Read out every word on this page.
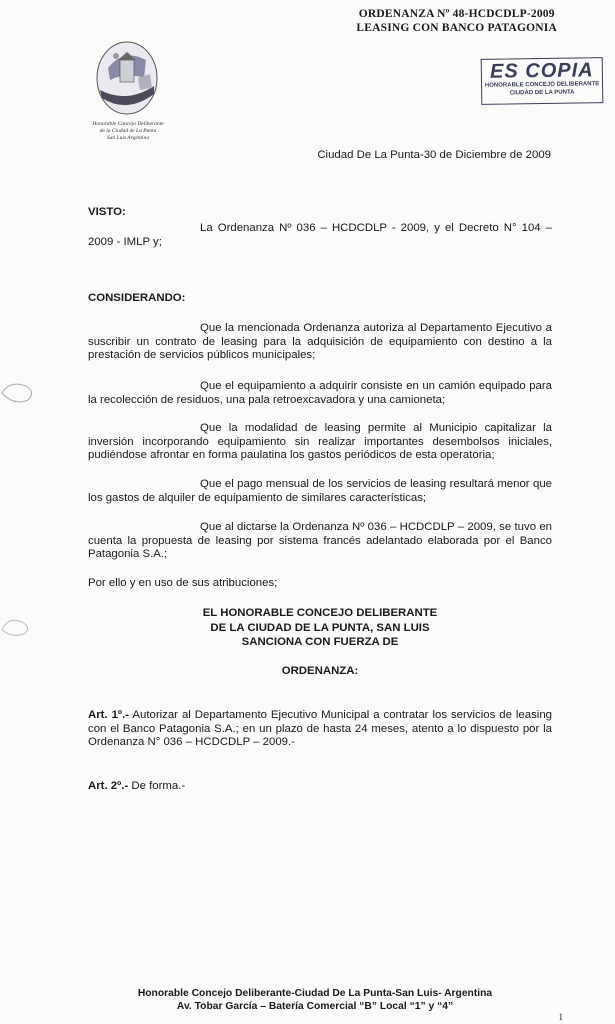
ORDENANZA Nº 48-HCDCDLP-2009
LEASING CON BANCO PATAGONIA
Honorable Concejo Deliberante
de la Ciudad de La Punta
San Luis Argentina
ES COPIA
HONORABLE CONCEJO DELIBERANTE
CIUDAD DE LA PUNTA
Ciudad De La Punta-30 de Diciembre de 2009
VISTO:
La Ordenanza Nº 036 – HCDCDLP - 2009, y el Decreto N° 104 – 2009 - IMLP y;
CONSIDERANDO:
Que la mencionada Ordenanza autoriza al Departamento Ejecutivo a suscribir un contrato de leasing para la adquisición de equipamiento con destino a la prestación de servicios públicos municipales;
Que el equipamiento a adquirir consiste en un camión equipado para la recolección de residuos, una pala retroexcavadora y una camioneta;
Que la modalidad de leasing permite al Municipio capitalizar la inversión incorporando equipamiento sin realizar importantes desembolsos iniciales, pudiéndose afrontar en forma paulatina los gastos periódicos de esta operatoria;
Que el pago mensual de los servicios de leasing resultará menor que los gastos de alquiler de equipamiento de similares características;
Que al dictarse la Ordenanza Nº 036 – HCDCDLP – 2009, se tuvo en cuenta la propuesta de leasing por sistema francés adelantado elaborada por el Banco Patagonia S.A.;
Por ello y en uso de sus atribuciones;
EL HONORABLE CONCEJO DELIBERANTE
DE LA CIUDAD DE LA PUNTA, SAN LUIS
SANCIONA CON FUERZA DE
ORDENANZA:
Art. 1º.- Autorizar al Departamento Ejecutivo Municipal a contratar los servicios de leasing con el Banco Patagonia S.A.; en un plazo de hasta 24 meses, atento a lo dispuesto por la Ordenanza N° 036 – HCDCDLP – 2009.-
Art. 2º.- De forma.-
Honorable Concejo Deliberante-Ciudad De La Punta-San Luis- Argentina
Av. Tobar García – Batería Comercial “B” Local “1” y “4”
1
